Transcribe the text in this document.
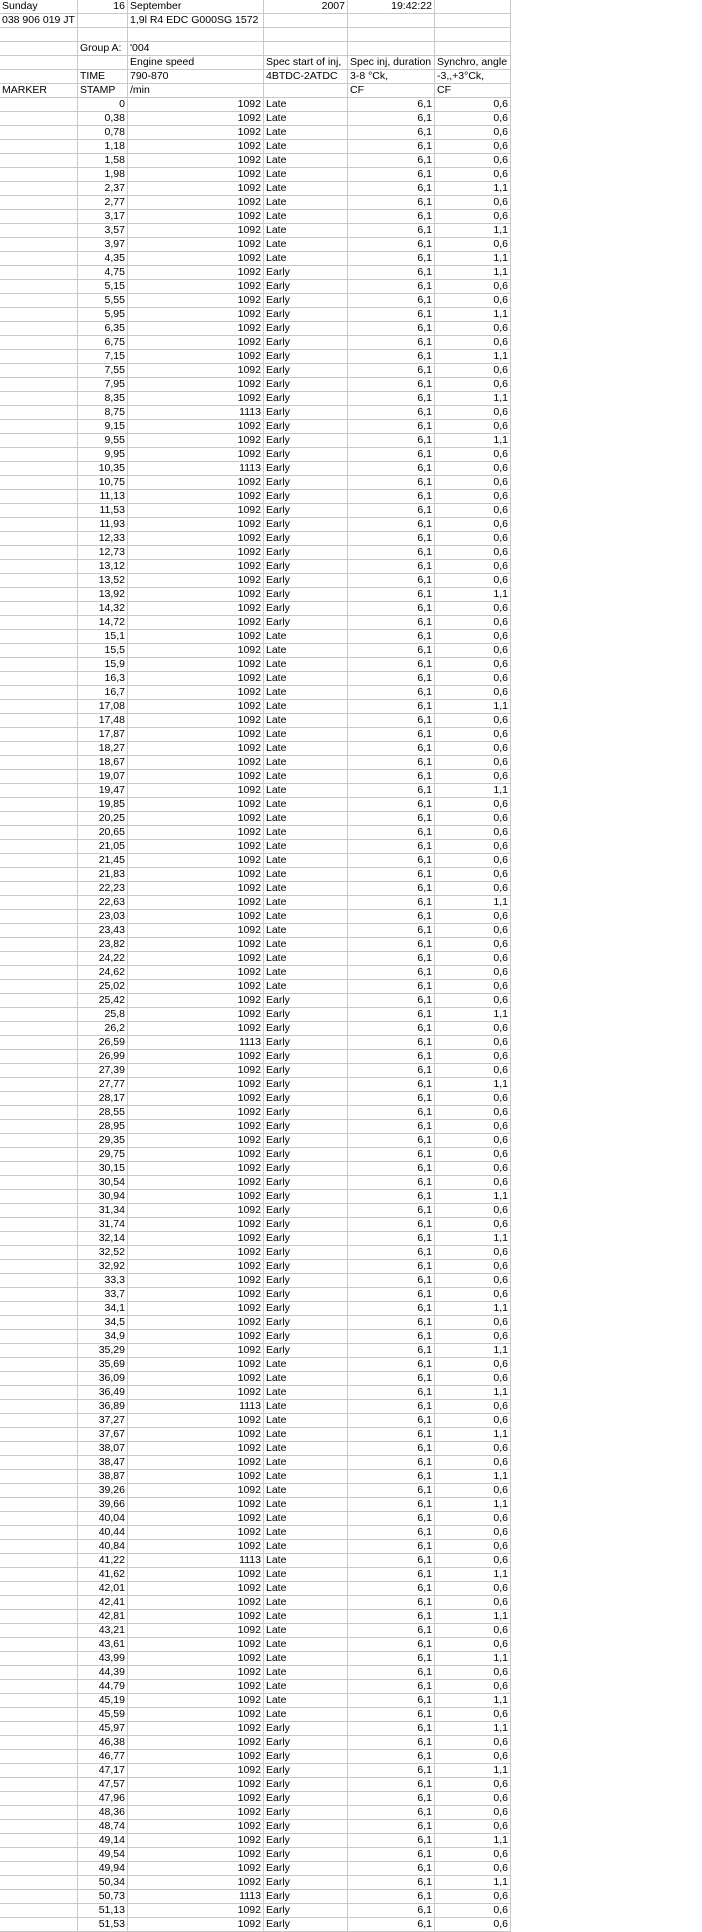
Sunday	16	September	2007	19:42:22	
038 906 019 JT		1,9l R4 EDC G000SG 1572			

	Group A:	'004			
		Engine speed	Spec start of inj,	Spec inj, duration	Synchro, angle
	TIME	790-870	4BTDC-2ATDC	3-8 °Ck,	-3,,+3°Ck,
MARKER	STAMP	/min		CF	CF
	0	1092	Late	6,1	0,6
	0,38	1092	Late	6,1	0,6
	0,78	1092	Late	6,1	0,6
	1,18	1092	Late	6,1	0,6
	1,58	1092	Late	6,1	0,6
	1,98	1092	Late	6,1	0,6
	2,37	1092	Late	6,1	1,1
	2,77	1092	Late	6,1	0,6
	3,17	1092	Late	6,1	0,6
	3,57	1092	Late	6,1	1,1
	3,97	1092	Late	6,1	0,6
	4,35	1092	Late	6,1	1,1
	4,75	1092	Early	6,1	1,1
	5,15	1092	Early	6,1	0,6
	5,55	1092	Early	6,1	0,6
	5,95	1092	Early	6,1	1,1
	6,35	1092	Early	6,1	0,6
	6,75	1092	Early	6,1	0,6
	7,15	1092	Early	6,1	1,1
	7,55	1092	Early	6,1	0,6
	7,95	1092	Early	6,1	0,6
	8,35	1092	Early	6,1	1,1
	8,75	1113	Early	6,1	0,6
	9,15	1092	Early	6,1	0,6
	9,55	1092	Early	6,1	1,1
	9,95	1092	Early	6,1	0,6
	10,35	1113	Early	6,1	0,6
	10,75	1092	Early	6,1	0,6
	11,13	1092	Early	6,1	0,6
	11,53	1092	Early	6,1	0,6
	11,93	1092	Early	6,1	0,6
	12,33	1092	Early	6,1	0,6
	12,73	1092	Early	6,1	0,6
	13,12	1092	Early	6,1	0,6
	13,52	1092	Early	6,1	0,6
	13,92	1092	Early	6,1	1,1
	14,32	1092	Early	6,1	0,6
	14,72	1092	Early	6,1	0,6
	15,1	1092	Late	6,1	0,6
	15,5	1092	Late	6,1	0,6
	15,9	1092	Late	6,1	0,6
	16,3	1092	Late	6,1	0,6
	16,7	1092	Late	6,1	0,6
	17,08	1092	Late	6,1	1,1
	17,48	1092	Late	6,1	0,6
	17,87	1092	Late	6,1	0,6
	18,27	1092	Late	6,1	0,6
	18,67	1092	Late	6,1	0,6
	19,07	1092	Late	6,1	0,6
	19,47	1092	Late	6,1	1,1
	19,85	1092	Late	6,1	0,6
	20,25	1092	Late	6,1	0,6
	20,65	1092	Late	6,1	0,6
	21,05	1092	Late	6,1	0,6
	21,45	1092	Late	6,1	0,6
	21,83	1092	Late	6,1	0,6
	22,23	1092	Late	6,1	0,6
	22,63	1092	Late	6,1	1,1
	23,03	1092	Late	6,1	0,6
	23,43	1092	Late	6,1	0,6
	23,82	1092	Late	6,1	0,6
	24,22	1092	Late	6,1	0,6
	24,62	1092	Late	6,1	0,6
	25,02	1092	Late	6,1	0,6
	25,42	1092	Early	6,1	0,6
	25,8	1092	Early	6,1	1,1
	26,2	1092	Early	6,1	0,6
	26,59	1113	Early	6,1	0,6
	26,99	1092	Early	6,1	0,6
	27,39	1092	Early	6,1	0,6
	27,77	1092	Early	6,1	1,1
	28,17	1092	Early	6,1	0,6
	28,55	1092	Early	6,1	0,6
	28,95	1092	Early	6,1	0,6
	29,35	1092	Early	6,1	0,6
	29,75	1092	Early	6,1	0,6
	30,15	1092	Early	6,1	0,6
	30,54	1092	Early	6,1	0,6
	30,94	1092	Early	6,1	1,1
	31,34	1092	Early	6,1	0,6
	31,74	1092	Early	6,1	0,6
	32,14	1092	Early	6,1	1,1
	32,52	1092	Early	6,1	0,6
	32,92	1092	Early	6,1	0,6
	33,3	1092	Early	6,1	0,6
	33,7	1092	Early	6,1	0,6
	34,1	1092	Early	6,1	1,1
	34,5	1092	Early	6,1	0,6
	34,9	1092	Early	6,1	0,6
	35,29	1092	Early	6,1	1,1
	35,69	1092	Late	6,1	0,6
	36,09	1092	Late	6,1	0,6
	36,49	1092	Late	6,1	1,1
	36,89	1113	Late	6,1	0,6
	37,27	1092	Late	6,1	0,6
	37,67	1092	Late	6,1	1,1
	38,07	1092	Late	6,1	0,6
	38,47	1092	Late	6,1	0,6
	38,87	1092	Late	6,1	1,1
	39,26	1092	Late	6,1	0,6
	39,66	1092	Late	6,1	1,1
	40,04	1092	Late	6,1	0,6
	40,44	1092	Late	6,1	0,6
	40,84	1092	Late	6,1	0,6
	41,22	1113	Late	6,1	0,6
	41,62	1092	Late	6,1	1,1
	42,01	1092	Late	6,1	0,6
	42,41	1092	Late	6,1	0,6
	42,81	1092	Late	6,1	1,1
	43,21	1092	Late	6,1	0,6
	43,61	1092	Late	6,1	0,6
	43,99	1092	Late	6,1	1,1
	44,39	1092	Late	6,1	0,6
	44,79	1092	Late	6,1	0,6
	45,19	1092	Late	6,1	1,1
	45,59	1092	Late	6,1	0,6
	45,97	1092	Early	6,1	1,1
	46,38	1092	Early	6,1	0,6
	46,77	1092	Early	6,1	0,6
	47,17	1092	Early	6,1	1,1
	47,57	1092	Early	6,1	0,6
	47,96	1092	Early	6,1	0,6
	48,36	1092	Early	6,1	0,6
	48,74	1092	Early	6,1	0,6
	49,14	1092	Early	6,1	1,1
	49,54	1092	Early	6,1	0,6
	49,94	1092	Early	6,1	0,6
	50,34	1092	Early	6,1	1,1
	50,73	1113	Early	6,1	0,6
	51,13	1092	Early	6,1	0,6
	51,53	1092	Early	6,1	0,6
